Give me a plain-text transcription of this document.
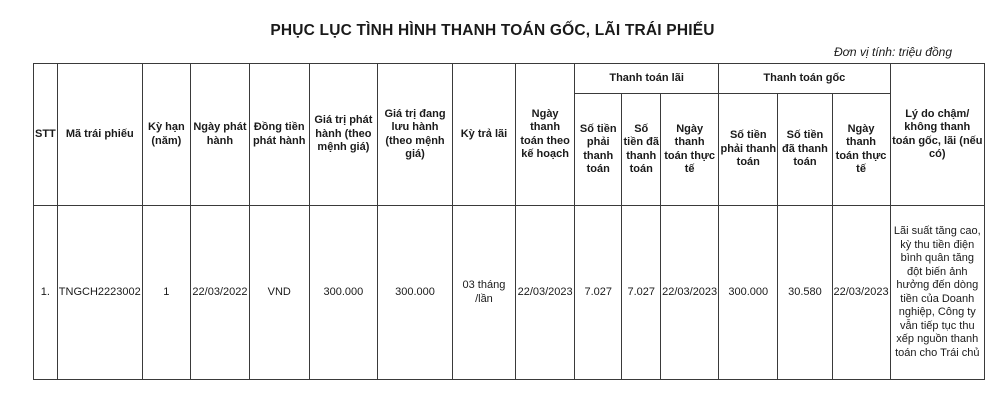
PHỤC LỤC TÌNH HÌNH THANH TOÁN GỐC, LÃI TRÁI PHIẾU
Đơn vị tính: triệu đồng
STT	Mã trái phiếu	Kỳ hạn (năm)	Ngày phát hành	Đồng tiền phát hành	Giá trị phát hành (theo mệnh giá)	Giá trị đang lưu hành (theo mệnh giá)	Kỳ trả lãi	Ngày thanh toán theo kế hoạch	Thanh toán lãi			Thanh toán gốc			Lý do chậm/ không thanh toán gốc, lãi (nếu có)
									Số tiền phải thanh toán	Số tiền đã thanh toán	Ngày thanh toán thực tế	Số tiền phải thanh toán	Số tiền đã thanh toán	Ngày thanh toán thực tế	
1.	TNGCH2223002	1	22/03/2022	VND	300.000	300.000	03 tháng /lần	22/03/2023	7.027	7.027	22/03/2023	300.000	30.580	22/03/2023	Lãi suất tăng cao, kỳ thu tiền điện bình quân tăng đột biến ảnh hưởng đến dòng tiền của Doanh nghiệp, Công ty vẫn tiếp tục thu xếp nguồn thanh toán cho Trái chủ
